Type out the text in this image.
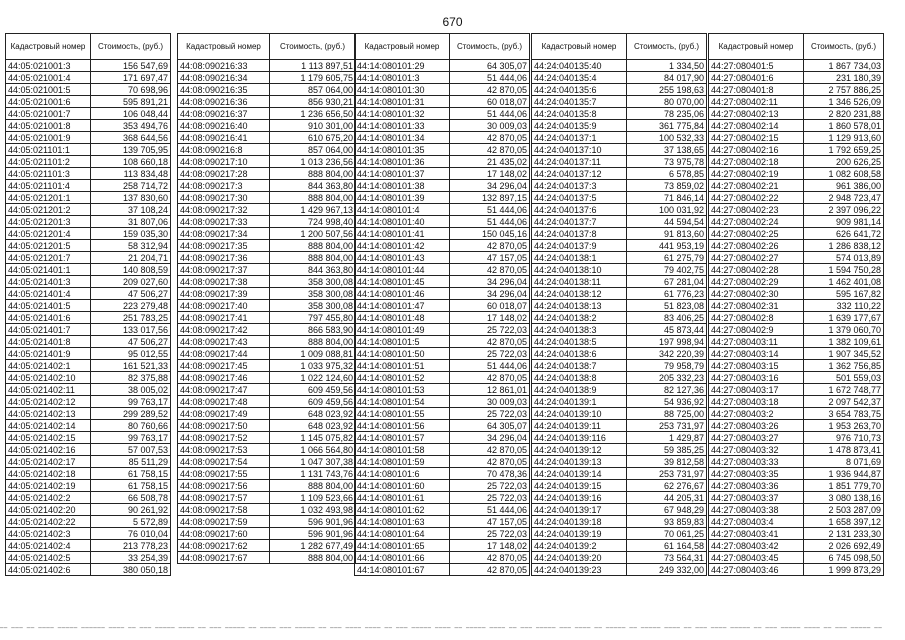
670
Кадастровый номер	Стоимость, (руб.)
44:05:021001:3	156 547,69
44:05:021001:4	171 697,47
44:05:021001:5	70 698,96
44:05:021001:6	595 891,21
44:05:021001:7	106 048,44
44:05:021001:8	353 494,76
44:05:021001:9	368 644,56
44:05:021101:1	139 705,95
44:05:021101:2	108 660,18
44:05:021101:3	113 834,48
44:05:021101:4	258 714,72
44:05:021201:1	137 830,60
44:05:021201:2	37 108,24
44:05:021201:3	31 807,06
44:05:021201:4	159 035,30
44:05:021201:5	58 312,94
44:05:021201:7	21 204,71
44:05:021401:1	140 808,59
44:05:021401:3	209 027,60
44:05:021401:4	47 506,27
44:05:021401:5	223 279,48
44:05:021401:6	251 783,25
44:05:021401:7	133 017,56
44:05:021401:8	47 506,27
44:05:021401:9	95 012,55
44:05:021402:1	161 521,33
44:05:021402:10	82 375,88
44:05:021402:11	38 005,02
44:05:021402:12	99 763,17
44:05:021402:13	299 289,52
44:05:021402:14	80 760,66
44:05:021402:15	99 763,17
44:05:021402:16	57 007,53
44:05:021402:17	85 511,29
44:05:021402:18	61 758,15
44:05:021402:19	61 758,15
44:05:021402:2	66 508,78
44:05:021402:20	90 261,92
44:05:021402:22	5 572,89
44:05:021402:3	76 010,04
44:05:021402:4	213 778,23
44:05:021402:5	33 254,39
44:05:021402:6	380 050,18
Кадастровый номер	Стоимость, (руб.)
44:08:090216:33	1 113 897,51
44:08:090216:34	1 179 605,75
44:08:090216:35	857 064,00
44:08:090216:36	856 930,21
44:08:090216:37	1 236 656,50
44:08:090216:40	910 301,00
44:08:090216:41	610 675,20
44:08:090216:8	857 064,00
44:08:090217:10	1 013 236,56
44:08:090217:28	888 804,00
44:08:090217:3	844 363,80
44:08:090217:30	888 804,00
44:08:090217:32	1 429 967,13
44:08:090217:33	724 998,40
44:08:090217:34	1 200 507,56
44:08:090217:35	888 804,00
44:08:090217:36	888 804,00
44:08:090217:37	844 363,80
44:08:090217:38	358 300,08
44:08:090217:39	358 300,08
44:08:090217:40	358 300,08
44:08:090217:41	797 455,80
44:08:090217:42	866 583,90
44:08:090217:43	888 804,00
44:08:090217:44	1 009 088,81
44:08:090217:45	1 033 975,32
44:08:090217:46	1 022 124,60
44:08:090217:47	609 459,56
44:08:090217:48	609 459,56
44:08:090217:49	648 023,92
44:08:090217:50	648 023,92
44:08:090217:52	1 145 075,82
44:08:090217:53	1 066 564,80
44:08:090217:54	1 047 307,38
44:08:090217:55	1 131 743,76
44:08:090217:56	888 804,00
44:08:090217:57	1 109 523,66
44:08:090217:58	1 032 493,98
44:08:090217:59	596 901,96
44:08:090217:60	596 901,96
44:08:090217:62	1 282 677,49
44:08:090217:67	888 804,00
Кадастровый номер	Стоимость, (руб.)
44:14:080101:29	64 305,07
44:14:080101:3	51 444,06
44:14:080101:30	42 870,05
44:14:080101:31	60 018,07
44:14:080101:32	51 444,06
44:14:080101:33	30 009,03
44:14:080101:34	42 870,05
44:14:080101:35	42 870,05
44:14:080101:36	21 435,02
44:14:080101:37	17 148,02
44:14:080101:38	34 296,04
44:14:080101:39	132 897,15
44:14:080101:4	51 444,06
44:14:080101:40	51 444,06
44:14:080101:41	150 045,16
44:14:080101:42	42 870,05
44:14:080101:43	47 157,05
44:14:080101:44	42 870,05
44:14:080101:45	34 296,04
44:14:080101:46	34 296,04
44:14:080101:47	60 018,07
44:14:080101:48	17 148,02
44:14:080101:49	25 722,03
44:14:080101:5	42 870,05
44:14:080101:50	25 722,03
44:14:080101:51	51 444,06
44:14:080101:52	42 870,05
44:14:080101:53	12 861,01
44:14:080101:54	30 009,03
44:14:080101:55	25 722,03
44:14:080101:56	64 305,07
44:14:080101:57	34 296,04
44:14:080101:58	42 870,05
44:14:080101:59	42 870,05
44:14:080101:6	70 478,36
44:14:080101:60	25 722,03
44:14:080101:61	25 722,03
44:14:080101:62	51 444,06
44:14:080101:63	47 157,05
44:14:080101:64	25 722,03
44:14:080101:65	17 148,02
44:14:080101:66	42 870,05
44:14:080101:67	42 870,05
Кадастровый номер	Стоимость, (руб.)
44:24:040135:40	1 334,50
44:24:040135:4	84 017,90
44:24:040135:6	255 198,63
44:24:040135:7	80 070,00
44:24:040135:8	78 235,06
44:24:040135:9	361 775,84
44:24:040137:1	100 532,33
44:24:040137:10	37 138,65
44:24:040137:11	73 975,78
44:24:040137:12	6 578,85
44:24:040137:3	73 859,02
44:24:040137:5	71 846,14
44:24:040137:6	100 031,92
44:24:040137:7	44 594,54
44:24:040137:8	91 813,60
44:24:040137:9	441 953,19
44:24:040138:1	61 275,79
44:24:040138:10	79 402,75
44:24:040138:11	67 281,04
44:24:040138:12	61 776,23
44:24:040138:13	51 823,08
44:24:040138:2	83 406,25
44:24:040138:3	45 873,44
44:24:040138:5	197 998,94
44:24:040138:6	342 220,39
44:24:040138:7	79 958,79
44:24:040138:8	205 332,23
44:24:040138:9	82 127,36
44:24:040139:1	54 936,92
44:24:040139:10	88 725,00
44:24:040139:11	253 731,97
44:24:040139:116	1 429,87
44:24:040139:12	59 385,25
44:24:040139:13	39 812,58
44:24:040139:14	253 731,97
44:24:040139:15	62 276,67
44:24:040139:16	44 205,31
44:24:040139:17	67 948,29
44:24:040139:18	93 859,83
44:24:040139:19	70 061,25
44:24:040139:2	61 164,58
44:24:040139:20	73 564,31
44:24:040139:23	249 332,00
Кадастровый номер	Стоимость, (руб.)
44:27:080401:5	1 867 734,03
44:27:080401:6	231 180,39
44:27:080401:8	2 757 886,25
44:27:080402:11	1 346 526,09
44:27:080402:13	2 820 231,88
44:27:080402:14	1 860 578,01
44:27:080402:15	1 129 913,60
44:27:080402:16	1 792 659,25
44:27:080402:18	200 626,25
44:27:080402:19	1 082 608,58
44:27:080402:21	961 386,00
44:27:080402:22	2 948 723,47
44:27:080402:23	2 397 096,22
44:27:080402:24	909 981,14
44:27:080402:25	626 641,72
44:27:080402:26	1 286 838,12
44:27:080402:27	574 013,89
44:27:080402:28	1 594 750,28
44:27:080402:29	1 462 401,08
44:27:080402:30	595 167,82
44:27:080402:31	332 110,22
44:27:080402:8	1 639 177,67
44:27:080402:9	1 379 060,70
44:27:080403:11	1 382 109,61
44:27:080403:14	1 907 345,52
44:27:080403:15	1 362 756,85
44:27:080403:16	501 559,03
44:27:080403:17	1 672 748,77
44:27:080403:18	2 097 542,37
44:27:080403:2	3 654 783,75
44:27:080403:26	1 953 263,70
44:27:080403:27	976 710,73
44:27:080403:32	1 478 873,41
44:27:080403:33	8 071,69
44:27:080403:35	1 936 944,87
44:27:080403:36	1 851 779,70
44:27:080403:37	3 080 138,16
44:27:080403:38	2 503 287,09
44:27:080403:4	1 658 397,12
44:27:080403:41	2 131 233,30
44:27:080403:42	2 026 692,49
44:27:080403:45	6 745 098,50
44:27:080403:46	1 999 873,29
‾‾ ‾‾‾ ‾‾ ‾‾‾‾ ‾‾‾‾‾ ‾‾‾‾‾‾ ‾‾‾‾ ‾‾ ‾‾‾ ‾‾‾‾‾ ‾‾‾‾ ‾‾ ‾‾‾ ‾‾‾‾‾ ‾‾ ‾‾‾‾ ‾‾‾ ‾‾‾‾‾ ‾‾ ‾‾‾ ‾‾‾‾ ‾‾‾‾ ‾‾ ‾‾‾ ‾‾‾‾‾ ‾‾‾‾ ‾‾ ‾‾‾‾‾ ‾‾‾‾ ‾‾ ‾‾‾ ‾‾‾‾‾ ‾‾‾ ‾‾‾‾ ‾‾ ‾‾‾‾‾ ‾‾ ‾‾‾‾‾ ‾‾‾‾ ‾‾ ‾‾‾ ‾‾‾‾ ‾‾‾‾‾ ‾‾ ‾‾‾ ‾‾‾‾‾ ‾‾‾‾ ‾‾ ‾‾‾ ‾‾‾‾‾ ‾‾
